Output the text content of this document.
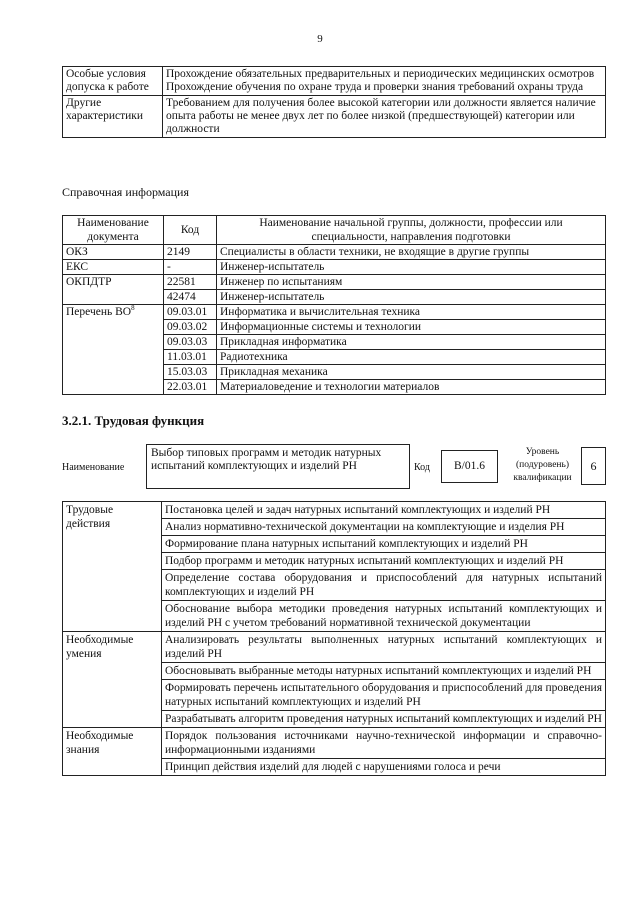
9
Особые условия допуска к работе	Прохождение обязательных предварительных и периодических медицинских осмотров
Прохождение обучения по охране труда и проверки знания требований охраны труда

Другие характеристики	Требованием для получения более высокой категории или должности является наличие опыта работы не менее двух лет по более низкой (предшествующей) категории или должности
Справочная информация
Наименование документа	Код	Наименование начальной группы, должности, профессии или специальности, направления подготовки
ОКЗ	2149	Специалисты в области техники, не входящие в другие группы
ЕКС	-	Инженер-испытатель
ОКПДТР	22581	Инженер по испытаниям
	42474	Инженер-испытатель
Перечень $ВО^8$	09.03.01	Информатика и вычислительная техника
	09.03.02	Информационные системы и технологии
	09.03.03	Прикладная информатика
	11.03.01	Радиотехника
	15.03.03	Прикладная механика
	22.03.01	Материаловедение и технологии материалов
3.2.1. Трудовая функция
Наименование
Выбор типовых программ и методик натурных испытаний комплектующих и изделий РН	Код	B/01.6
Уровень (подуровень) квалификации
6
Трудовые действия	Постановка целей и задач натурных испытаний комплектующих и изделий РН
	Анализ нормативно-технической документации на комплектующие и изделия РН
	Формирование плана натурных испытаний комплектующих и изделий РН
	Подбор программ и методик натурных испытаний комплектующих и изделий РН
	Определение состава оборудования и приспособлений для натурных испытаний комплектующих и изделий РН
	Обоснование выбора методики проведения натурных испытаний комплектующих и изделий РН с учетом требований нормативной технической документации
Необходимые умения	Анализировать результаты выполненных натурных испытаний комплектующих и изделий РН
	Обосновывать выбранные методы натурных испытаний комплектующих и изделий РН
	Формировать перечень испытательного оборудования и приспособлений для проведения натурных испытаний комплектующих и изделий РН
	Разрабатывать алгоритм проведения натурных испытаний комплектующих и изделий РН
Необходимые знания	Порядок пользования источниками научно-технической информации и справочно-информационными изданиями
	Принцип действия изделий для людей с нарушениями голоса и речи
